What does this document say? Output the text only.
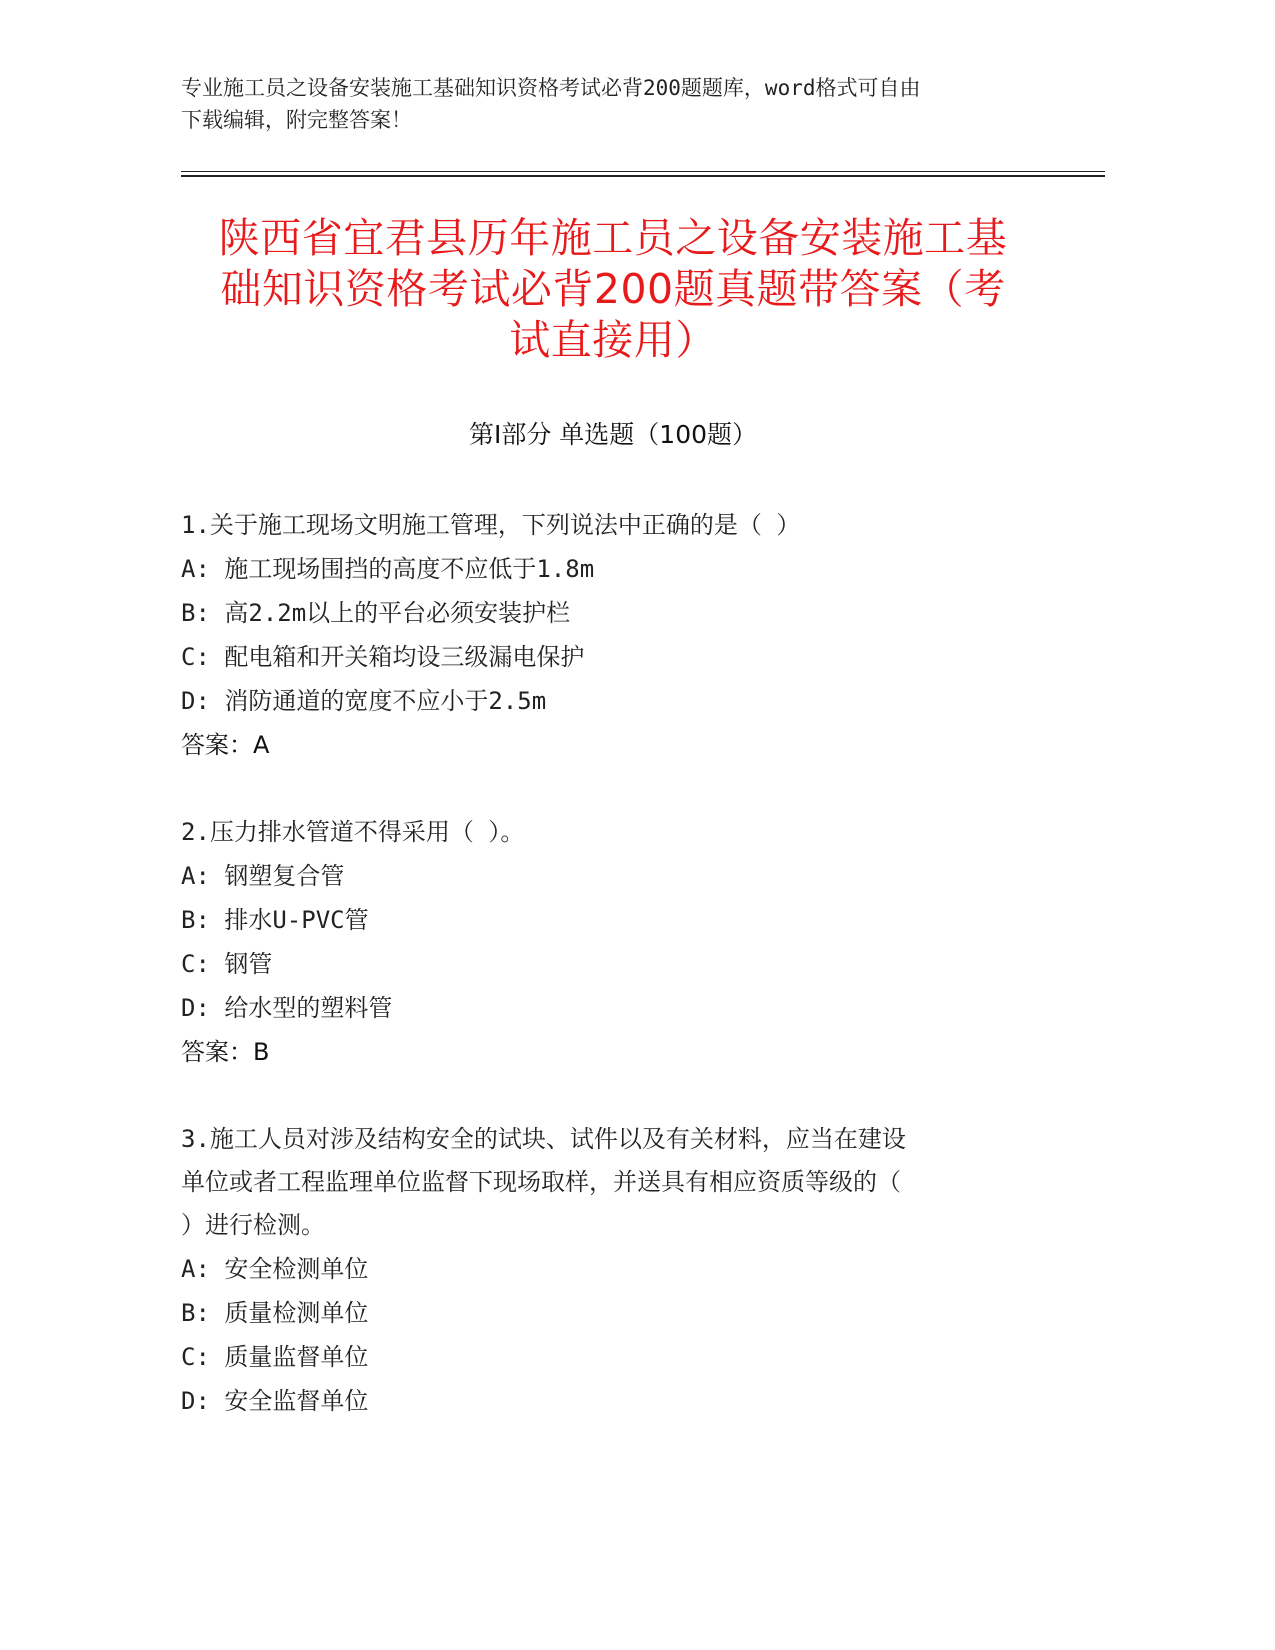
专业施工员之设备安装施工基础知识资格考试必背200题题库，word格式可自由
下载编辑，附完整答案！
陕西省宜君县历年施工员之设备安装施工基
础知识资格考试必背200题真题带答案（考
试直接用）
第Ⅰ部分 单选题（100题）
1.关于施工现场文明施工管理，下列说法中正确的是（ ）
A: 施工现场围挡的高度不应低于1.8m
B: 高2.2m以上的平台必须安装护栏
C: 配电箱和开关箱均设三级漏电保护
D: 消防通道的宽度不应小于2.5m
答案：A
2.压力排水管道不得采用（ ）。
A: 钢塑复合管
B: 排水U-PVC管
C: 钢管
D: 给水型的塑料管
答案：B
3.施工人员对涉及结构安全的试块、试件以及有关材料，应当在建设
单位或者工程监理单位监督下现场取样，并送具有相应资质等级的（
）进行检测。
A: 安全检测单位
B: 质量检测单位
C: 质量监督单位
D: 安全监督单位
